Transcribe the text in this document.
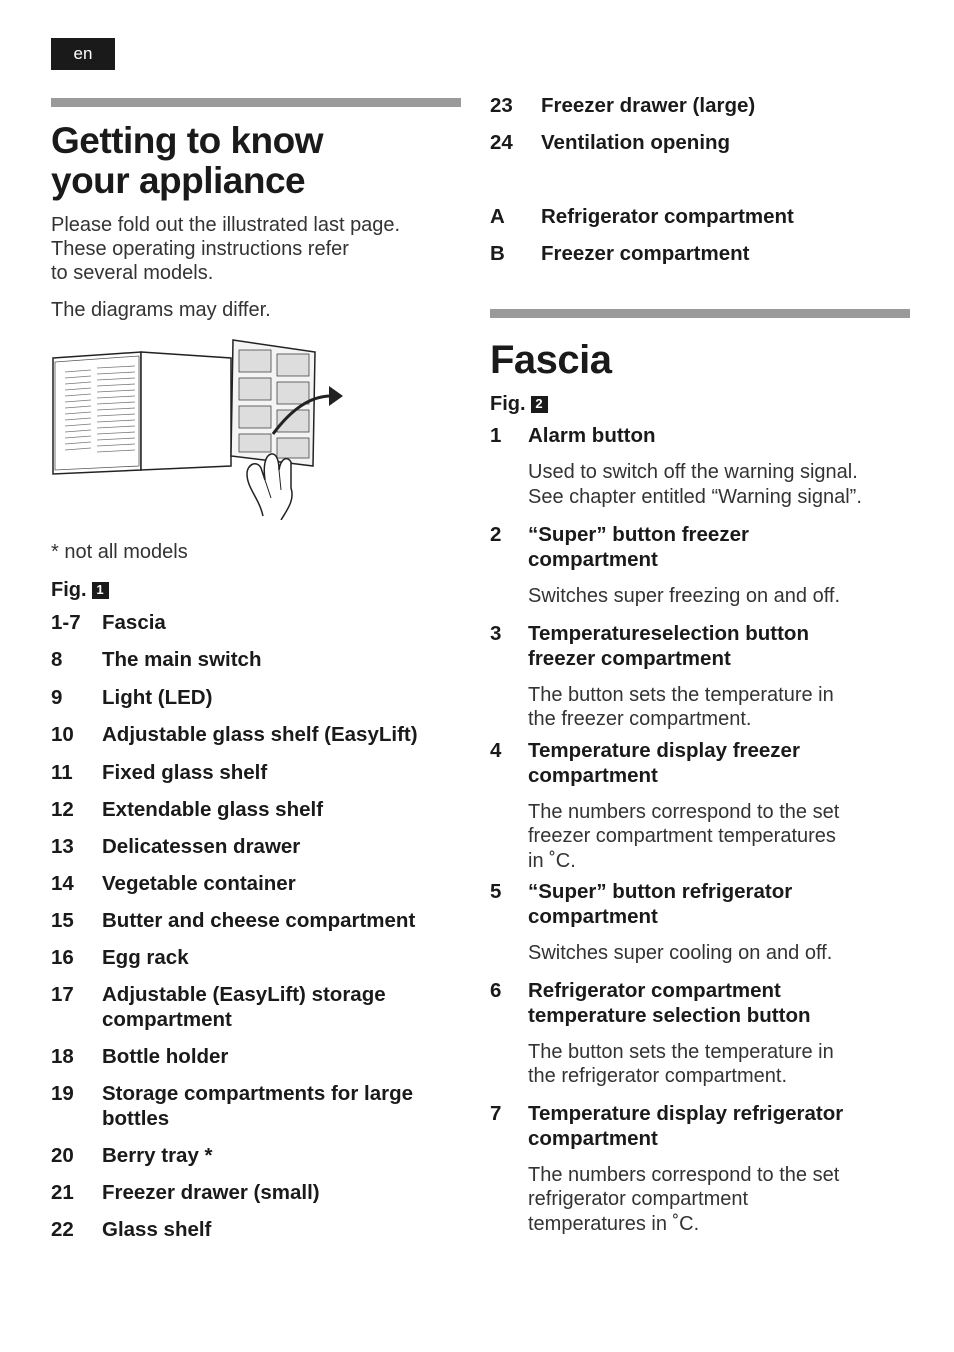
en
Getting to know
your appliance

Please fold out the illustrated last page.

These operating instructions refer

to several models.

The diagrams may differ.

* not all models
Fig. 1
1-7	Fascia
8	The main switch
9	Light (LED)
10	Adjustable glass shelf (EasyLift)
11	Fixed glass shelf
12	Extendable glass shelf
13	Delicatessen drawer
14	Vegetable container
15	Butter and cheese compartment
16	Egg rack
17	Adjustable (EasyLift) storage compartment
18	Bottle holder
19	Storage compartments for large bottles
20	Berry tray *
21	Freezer drawer (small)
22	Glass shelf
23	Freezer drawer (large)
24	Ventilation opening
A	Refrigerator compartment
B	Freezer compartment
Fascia
Fig. 2
1	Alarm button
Used to switch off the warning signal.
See chapter entitled “Warning signal”.
2	“Super” button freezer
compartment
Switches super freezing on and off.
3	Temperatureselection button
freezer compartment
The button sets the temperature in
the freezer compartment.
4	Temperature display freezer
compartment
The numbers correspond to the set
freezer compartment temperatures
in ˚C.
5	“Super” button refrigerator
compartment
Switches super cooling on and off.
6	Refrigerator compartment
temperature selection button
The button sets the temperature in
the refrigerator compartment.
7	Temperature display refrigerator
compartment
The numbers correspond to the set
refrigerator compartment
temperatures in ˚C.
